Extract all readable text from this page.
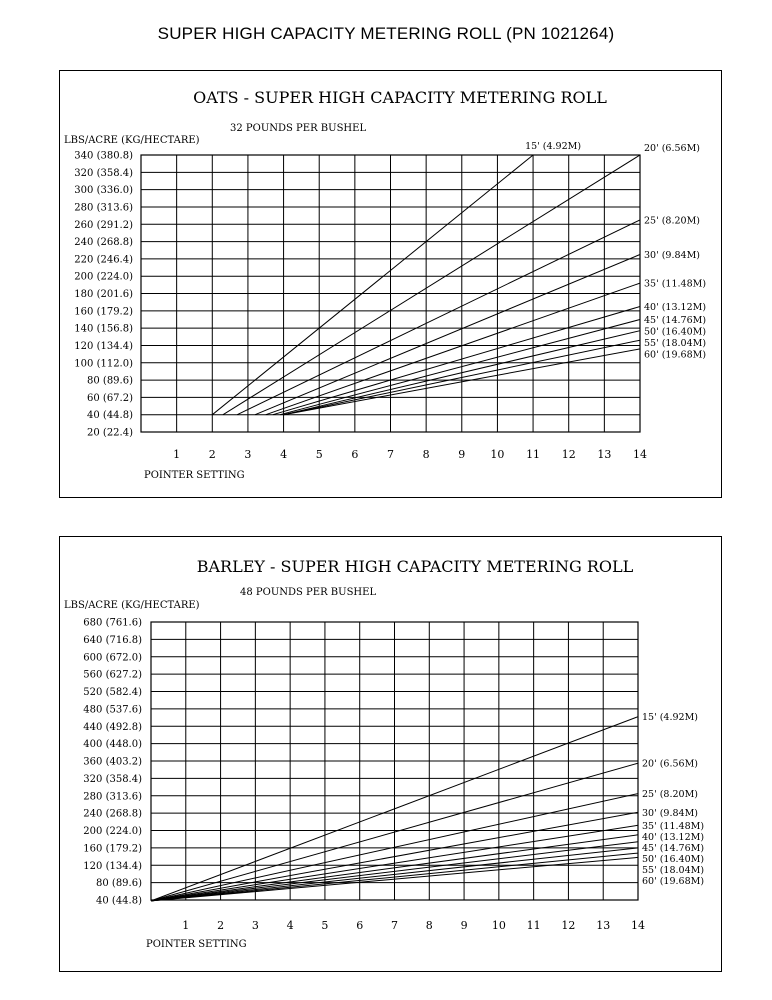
SUPER HIGH CAPACITY METERING ROLL (PN 1021264)
OATS - SUPER HIGH CAPACITY METERING ROLL
32 POUNDS PER BUSHEL
LBS/ACRE (KG/HECTARE)
POINTER SETTING
340 (380.8)
320 (358.4)
300 (336.0)
280 (313.6)
260 (291.2)
240 (268.8)
220 (246.4)
200 (224.0)
180 (201.6)
160 (179.2)
140 (156.8)
120 (134.4)
100 (112.0)
80 (89.6)
60 (67.2)
40 (44.8)
20 (22.4)
1	2	3	4	5	6	7	8	9 10 11 12 13 14
15' (4.92M)	20' (6.56M)
25' (8.20M)
30' (9.84M)
35' (11.48M)
40' (13.12M)
45' (14.76M)
50' (16.40M)
55' (18.04M)
60' (19.68M)
BARLEY - SUPER HIGH CAPACITY METERING ROLL
48 POUNDS PER BUSHEL
LBS/ACRE (KG/HECTARE)
POINTER SETTING
680 (761.6)
640 (716.8)
600 (672.0)
560 (627.2)
520 (582.4)
480 (537.6)
440 (492.8)
400 (448.0)
360 (403.2)
320 (358.4)
280 (313.6)
240 (268.8)
200 (224.0)
160 (179.2)
120 (134.4)
80 (89.6)
40 (44.8)
1	2	3	4	5	6	7	8	9 10 11 12 13 14
15' (4.92M)
20' (6.56M)
25' (8.20M)
30' (9.84M)
35' (11.48M)
40' (13.12M)
45' (14.76M)
50' (16.40M)
55' (18.04M)
60' (19.68M)
